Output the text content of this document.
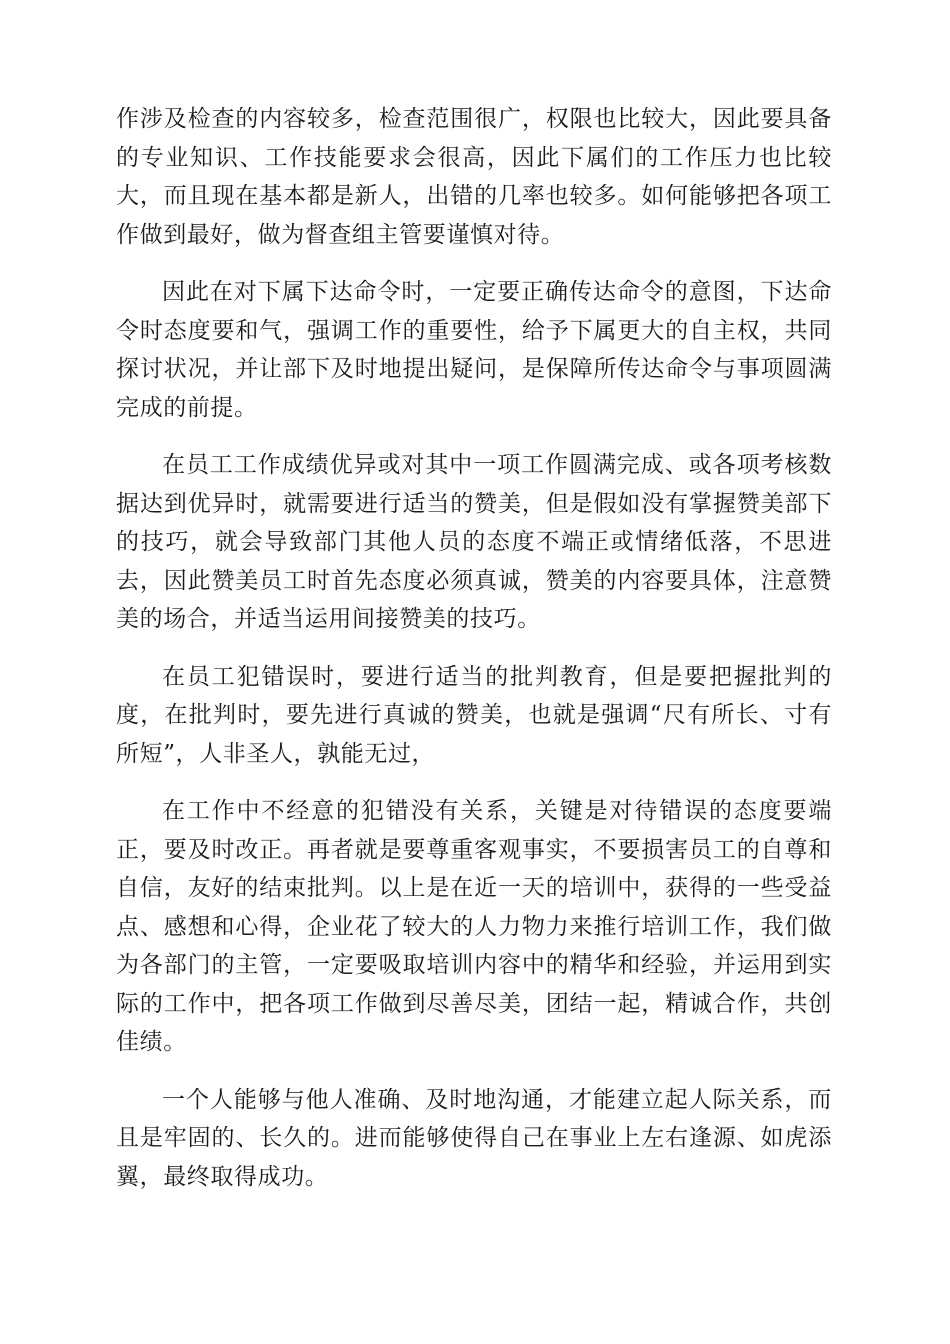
作涉及检查的内容较多，检查范围很广，权限也比较大，因此要具备的专业知识、工作技能要求会很高，因此下属们的工作压力也比较大，而且现在基本都是新人，出错的几率也较多。如何能够把各项工作做到最好，做为督查组主管要谨慎对待。

因此在对下属下达命令时，一定要正确传达命令的意图，下达命令时态度要和气，强调工作的重要性，给予下属更大的自主权，共同探讨状况，并让部下及时地提出疑问，是保障所传达命令与事项圆满完成的前提。

在员工工作成绩优异或对其中一项工作圆满完成、或各项考核数据达到优异时，就需要进行适当的赞美，但是假如没有掌握赞美部下的技巧，就会导致部门其他人员的态度不端正或情绪低落，不思进去，因此赞美员工时首先态度必须真诚，赞美的内容要具体，注意赞美的场合，并适当运用间接赞美的技巧。

在员工犯错误时，要进行适当的批判教育，但是要把握批判的度，在批判时，要先进行真诚的赞美，也就是强调“尺有所长、寸有所短”，人非圣人，孰能无过，

在工作中不经意的犯错没有关系，关键是对待错误的态度要端正，要及时改正。再者就是要尊重客观事实，不要损害员工的自尊和自信，友好的结束批判。以上是在近一天的培训中，获得的一些受益点、感想和心得，企业花了较大的人力物力来推行培训工作，我们做为各部门的主管，一定要吸取培训内容中的精华和经验，并运用到实际的工作中，把各项工作做到尽善尽美，团结一起，精诚合作，共创佳绩。

一个人能够与他人准确、及时地沟通，才能建立起人际关系，而且是牢固的、长久的。进而能够使得自己在事业上左右逢源、如虎添翼，最终取得成功。
